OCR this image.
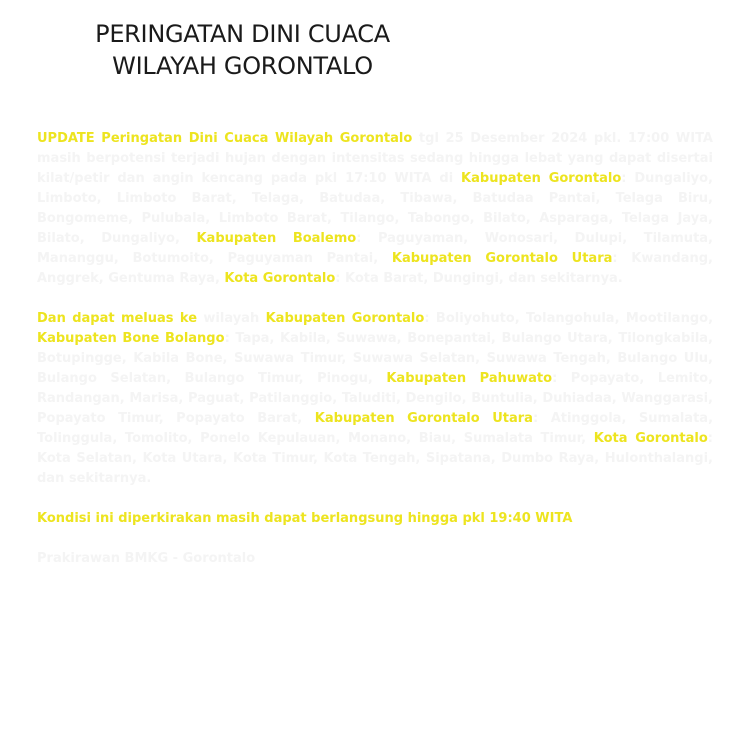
PERINGATAN DINI CUACA
WILAYAH GORONTALO

UPDATE Peringatan Dini Cuaca Wilayah Gorontalo tgl 25 Desember 2024 pkl. 17:00 WITA masih berpotensi terjadi hujan dengan intensitas sedang hingga lebat yang dapat disertai kilat/petir dan angin kencang pada pkl 17:10 WITA di Kabupaten Gorontalo: Dungaliyo, Limboto, Limboto Barat, Telaga, Batudaa, Tibawa, Batudaa Pantai, Telaga Biru, Bongomeme, Pulubala, Limboto Barat, Tilango, Tabongo, Bilato, Asparaga, Telaga Jaya, Bilato, Dungaliyo, Kabupaten Boalemo: Paguyaman, Wonosari, Dulupi, Tilamuta, Mananggu, Botumoito, Paguyaman Pantai, Kabupaten Gorontalo Utara: Kwandang, Anggrek, Gentuma Raya, Kota Gorontalo: Kota Barat, Dungingi, dan sekitarnya.

Dan dapat meluas ke wilayah Kabupaten Gorontalo: Boliyohuto, Tolangohula, Mootilango, Kabupaten Bone Bolango: Tapa, Kabila, Suwawa, Bonepantai, Bulango Utara, Tilongkabila, Botupingge, Kabila Bone, Suwawa Timur, Suwawa Selatan, Suwawa Tengah, Bulango Ulu, Bulango Selatan, Bulango Timur, Pinogu, Kabupaten Pahuwato: Popayato, Lemito, Randangan, Marisa, Paguat, Patilanggio, Taluditi, Dengilo, Buntulia, Duhiadaa, Wanggarasi, Popayato Timur, Popayato Barat, Kabupaten Gorontalo Utara: Atinggola, Sumalata, Tolinggula, Tomolito, Ponelo Kepulauan, Monano, Biau, Sumalata Timur, Kota Gorontalo: Kota Selatan, Kota Utara, Kota Timur, Kota Tengah, Sipatana, Dumbo Raya, Hulonthalangi, dan sekitarnya.

Kondisi ini diperkirakan masih dapat berlangsung hingga pkl 19:40 WITA

Prakirawan BMKG - Gorontalo
